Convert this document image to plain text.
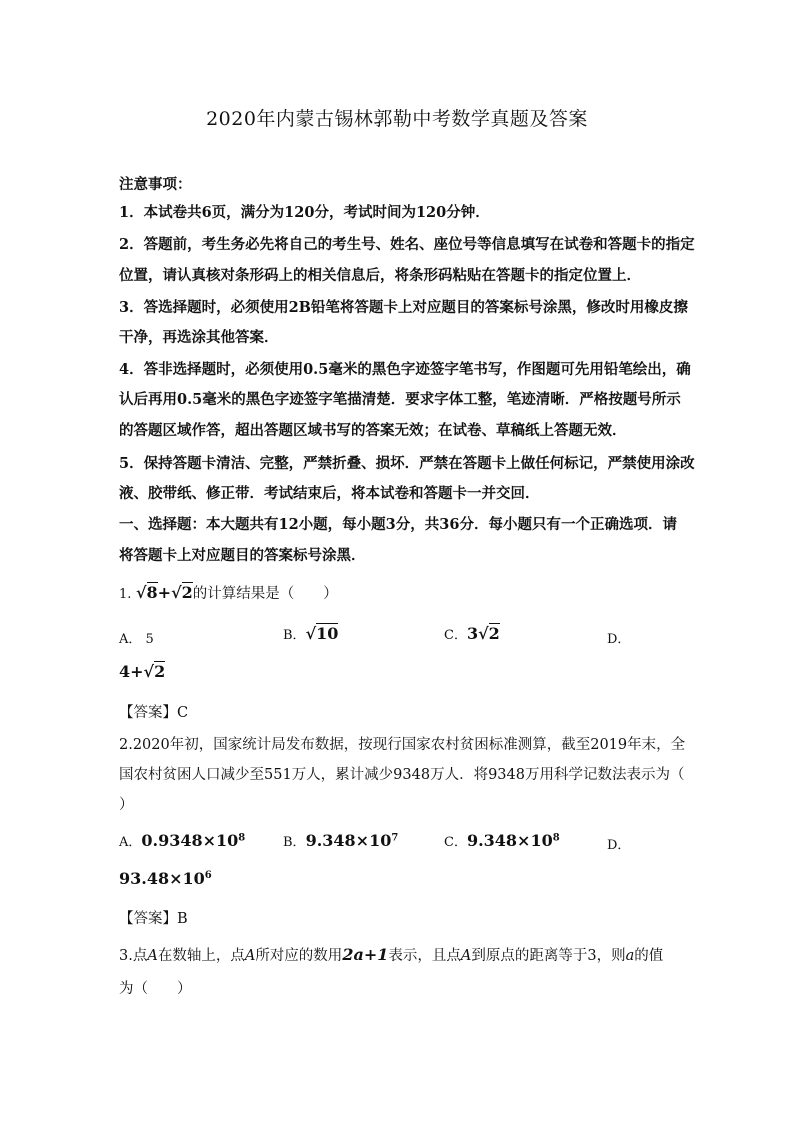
2020年内蒙古锡林郭勒中考数学真题及答案
注意事项：
1．本试卷共6页，满分为120分，考试时间为120分钟．
2．答题前，考生务必先将自己的考生号、姓名、座位号等信息填写在试卷和答题卡的指定
位置，请认真核对条形码上的相关信息后，将条形码粘贴在答题卡的指定位置上．
3．答选择题时，必须使用2B铅笔将答题卡上对应题目的答案标号涂黑，修改时用橡皮擦
干净，再选涂其他答案．
4．答非选择题时，必须使用0.5毫米的黑色字迹签字笔书写，作图题可先用铅笔绘出，确
认后再用0.5毫米的黑色字迹签字笔描清楚．要求字体工整，笔迹清晰．严格按题号所示
的答题区域作答，超出答题区域书写的答案无效；在试卷、草稿纸上答题无效．
5．保持答题卡清洁、完整，严禁折叠、损坏．严禁在答题卡上做任何标记，严禁使用涂改
液、胶带纸、修正带．考试结束后，将本试卷和答题卡一并交回．
一、选择题：本大题共有12小题，每小题3分，共36分．每小题只有一个正确选项．请
将答题卡上对应题目的答案标号涂黑．
1. √8+√2的计算结果是（　　）
A． 5	B．√10	C．3√2	D．
4+√2
【答案】C
2.2020年初，国家统计局发布数据，按现行国家农村贫困标准测算，截至2019年末，全
国农村贫困人口减少至551万人，累计减少9348万人．将9348万用科学记数法表示为（
）
A．$0.9348\times 10^8$	B．$9.348\times 10^7$	C．$9.348\times 10^8$	D．
$93.48\times 10^6$
【答案】B
3.点A在数轴上，点A所对应的数用2a+1表示，且点A到原点的距离等于3，则a的值
为（　　）
